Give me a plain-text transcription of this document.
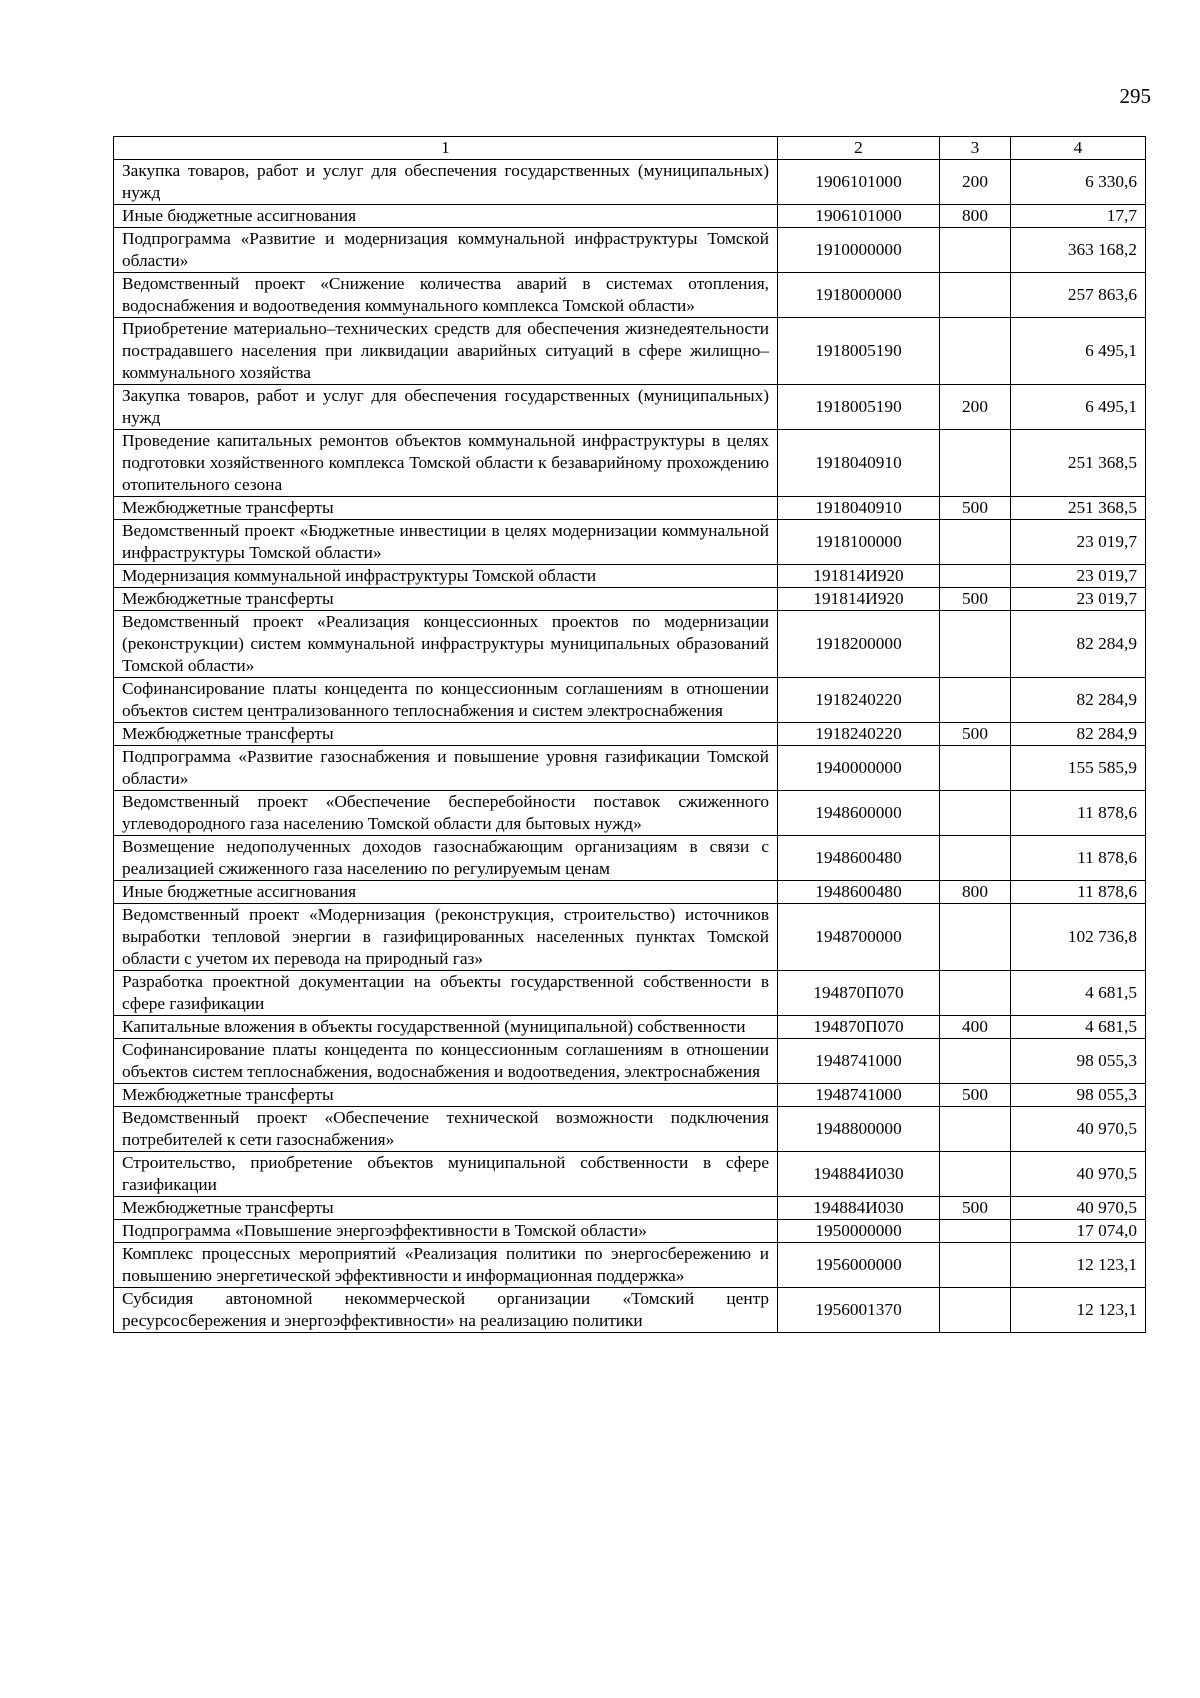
295
1	2	3	4
Закупка товаров, работ и услуг для обеспечения государственных (муниципальных) нужд	1906101000	200	6 330,6
Иные бюджетные ассигнования	1906101000	800	17,7
Подпрограмма «Развитие и модернизация коммунальной инфраструктуры Томской области»	1910000000		363 168,2
Ведомственный проект «Снижение количества аварий в системах отопления, водоснабжения и водоотведения коммунального комплекса Томской области»	1918000000		257 863,6
Приобретение материально–технических средств для обеспечения жизнедеятельности пострадавшего населения при ликвидации аварийных ситуаций в сфере жилищно–коммунального хозяйства	1918005190		6 495,1
Закупка товаров, работ и услуг для обеспечения государственных (муниципальных) нужд	1918005190	200	6 495,1
Проведение капитальных ремонтов объектов коммунальной инфраструктуры в целях подготовки хозяйственного комплекса Томской области к безаварийному прохождению отопительного сезона	1918040910		251 368,5
Межбюджетные трансферты	1918040910	500	251 368,5
Ведомственный проект «Бюджетные инвестиции в целях модернизации коммунальной инфраструктуры Томской области»	1918100000		23 019,7
Модернизация коммунальной инфраструктуры Томской области	191814И920		23 019,7
Межбюджетные трансферты	191814И920	500	23 019,7
Ведомственный проект «Реализация концессионных проектов по модернизации (реконструкции) систем коммунальной инфраструктуры муниципальных образований Томской области»	1918200000		82 284,9
Софинансирование платы концедента по концессионным соглашениям в отношении объектов систем централизованного теплоснабжения и систем электроснабжения	1918240220		82 284,9
Межбюджетные трансферты	1918240220	500	82 284,9
Подпрограмма «Развитие газоснабжения и повышение уровня газификации Томской области»	1940000000		155 585,9
Ведомственный проект «Обеспечение бесперебойности поставок сжиженного углеводородного газа населению Томской области для бытовых нужд»	1948600000		11 878,6
Возмещение недополученных доходов газоснабжающим организациям в связи с реализацией сжиженного газа населению по регулируемым ценам	1948600480		11 878,6
Иные бюджетные ассигнования	1948600480	800	11 878,6
Ведомственный проект «Модернизация (реконструкция, строительство) источников выработки тепловой энергии в газифицированных населенных пунктах Томской области с учетом их перевода на природный газ»	1948700000		102 736,8
Разработка проектной документации на объекты государственной собственности в сфере газификации	194870П070		4 681,5
Капитальные вложения в объекты государственной (муниципальной) собственности	194870П070	400	4 681,5
Софинансирование платы концедента по концессионным соглашениям в отношении объектов систем теплоснабжения, водоснабжения и водоотведения, электроснабжения	1948741000		98 055,3
Межбюджетные трансферты	1948741000	500	98 055,3
Ведомственный проект «Обеспечение технической возможности подключения потребителей к сети газоснабжения»	1948800000		40 970,5
Строительство, приобретение объектов муниципальной собственности в сфере газификации	194884И030		40 970,5
Межбюджетные трансферты	194884И030	500	40 970,5
Подпрограмма «Повышение энергоэффективности в Томской области»	1950000000		17 074,0
Комплекс процессных мероприятий «Реализация политики по энергосбережению и повышению энергетической эффективности и информационная поддержка»	1956000000		12 123,1
Субсидия автономной некоммерческой организации «Томский центр ресурсосбережения и энергоэффективности» на реализацию политики	1956001370		12 123,1
